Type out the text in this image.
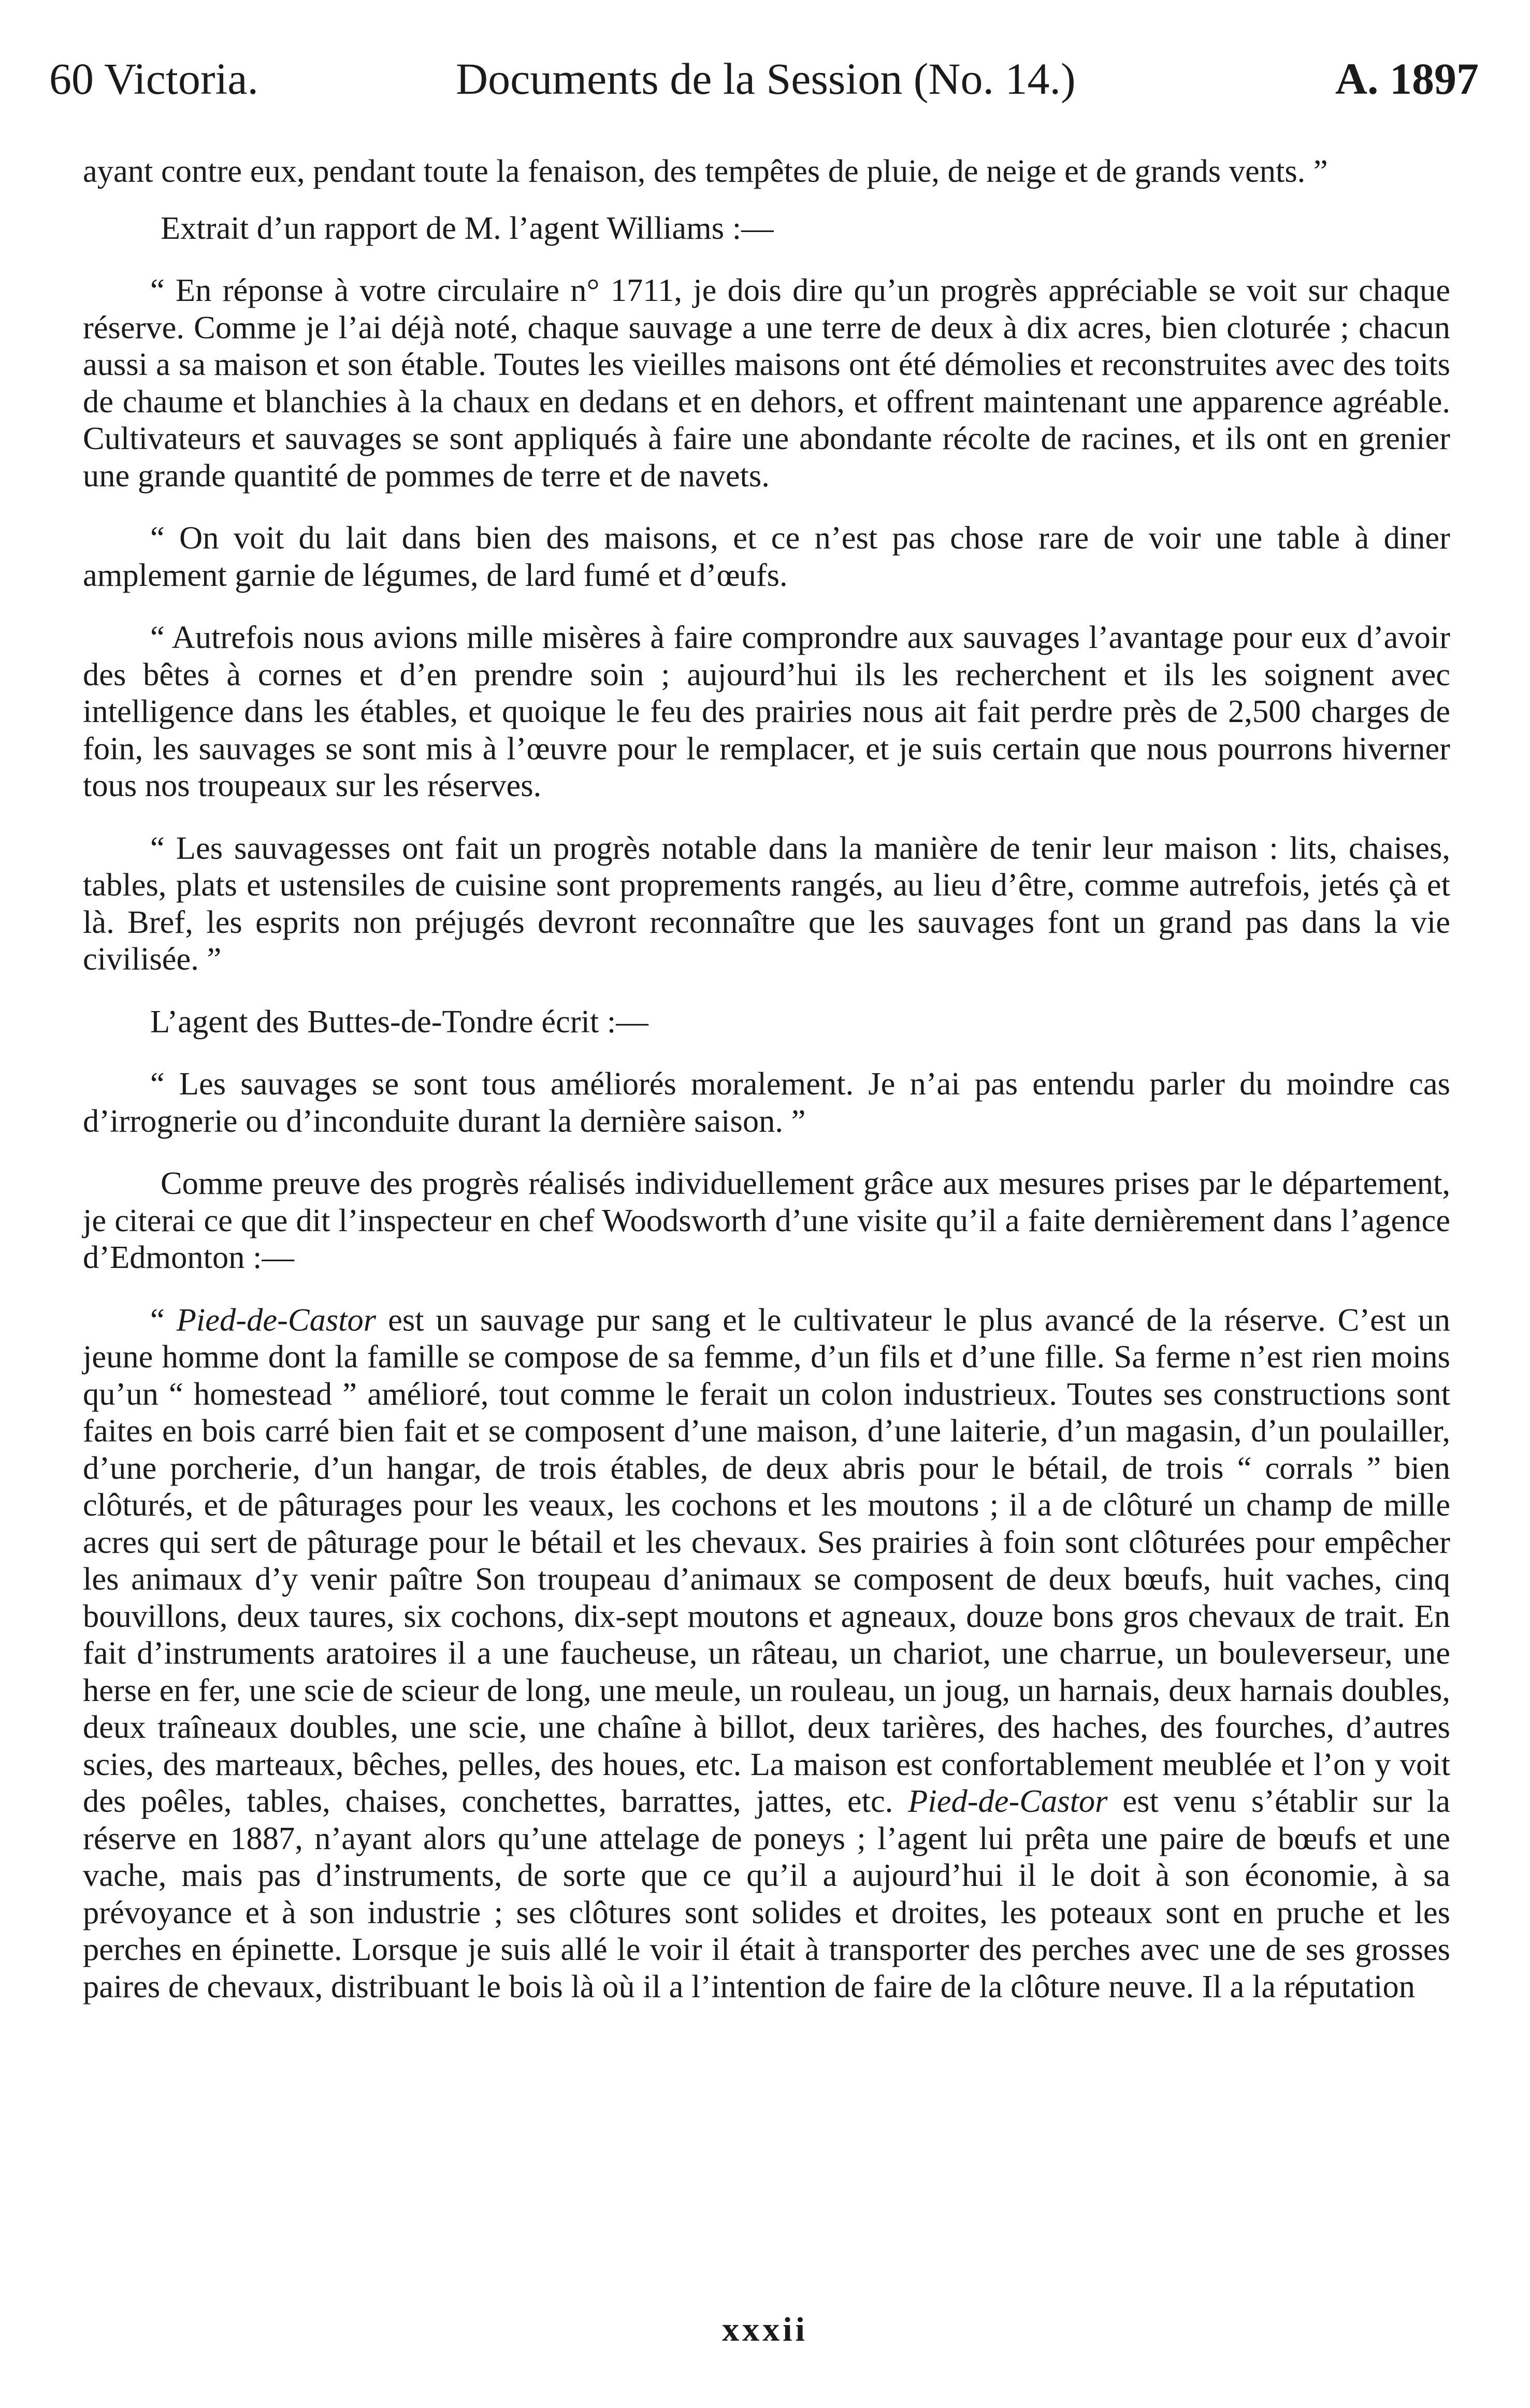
60 Victoria.	Documents de la Session (No. 14.)	A. 1897

ayant contre eux, pendant toute la fenaison, des tempêtes de pluie, de neige et de grands vents. ”

Extrait d’un rapport de M. l’agent Williams :—

“ En réponse à votre circulaire n° 1711, je dois dire qu’un progrès appréciable se voit sur chaque réserve. Comme je l’ai déjà noté, chaque sauvage a une terre de deux à dix acres, bien cloturée ; chacun aussi a sa maison et son étable. Toutes les vieilles maisons ont été démolies et reconstruites avec des toits de chaume et blanchies à la chaux en dedans et en dehors, et offrent maintenant une apparence agréable. Cultivateurs et sauvages se sont appliqués à faire une abondante récolte de racines, et ils ont en grenier une grande quantité de pommes de terre et de navets.

“ On voit du lait dans bien des maisons, et ce n’est pas chose rare de voir une table à diner amplement garnie de légumes, de lard fumé et d’œufs.

“ Autrefois nous avions mille misères à faire comprondre aux sauvages l’avantage pour eux d’avoir des bêtes à cornes et d’en prendre soin ; aujourd’hui ils les recherchent et ils les soignent avec intelligence dans les étables, et quoique le feu des prairies nous ait fait perdre près de 2,500 charges de foin, les sauvages se sont mis à l’œuvre pour le remplacer, et je suis certain que nous pourrons hiverner tous nos troupeaux sur les réserves.

“ Les sauvagesses ont fait un progrès notable dans la manière de tenir leur maison : lits, chaises, tables, plats et ustensiles de cuisine sont proprements rangés, au lieu d’être, comme autrefois, jetés çà et là. Bref, les esprits non préjugés devront reconnaître que les sauvages font un grand pas dans la vie civilisée. ”

L’agent des Buttes-de-Tondre écrit :—

“ Les sauvages se sont tous améliorés moralement. Je n’ai pas entendu parler du moindre cas d’irrognerie ou d’inconduite durant la dernière saison. ”

Comme preuve des progrès réalisés individuellement grâce aux mesures prises par le département, je citerai ce que dit l’inspecteur en chef Woodsworth d’une visite qu’il a faite dernièrement dans l’agence d’Edmonton :—

“ Pied-de-Castor est un sauvage pur sang et le cultivateur le plus avancé de la réserve. C’est un jeune homme dont la famille se compose de sa femme, d’un fils et d’une fille. Sa ferme n’est rien moins qu’un “ homestead ” amélioré, tout comme le ferait un colon industrieux. Toutes ses constructions sont faites en bois carré bien fait et se composent d’une maison, d’une laiterie, d’un magasin, d’un poulailler, d’une porcherie, d’un hangar, de trois étables, de deux abris pour le bétail, de trois “ corrals ” bien clôturés, et de pâturages pour les veaux, les cochons et les moutons ; il a de clôturé un champ de mille acres qui sert de pâturage pour le bétail et les chevaux. Ses prairies à foin sont clôturées pour empêcher les animaux d’y venir paître Son troupeau d’animaux se composent de deux bœufs, huit vaches, cinq bouvillons, deux taures, six cochons, dix-sept moutons et agneaux, douze bons gros chevaux de trait. En fait d’instruments aratoires il a une faucheuse, un râteau, un chariot, une charrue, un bouleverseur, une herse en fer, une scie de scieur de long, une meule, un rouleau, un joug, un harnais, deux harnais doubles, deux traîneaux doubles, une scie, une chaîne à billot, deux tarières, des haches, des fourches, d’autres scies, des marteaux, bêches, pelles, des houes, etc. La maison est confortablement meublée et l’on y voit des poêles, tables, chaises, conchettes, barrattes, jattes, etc. Pied-de-Castor est venu s’établir sur la réserve en 1887, n’ayant alors qu’une attelage de poneys ; l’agent lui prêta une paire de bœufs et une vache, mais pas d’instruments, de sorte que ce qu’il a aujourd’hui il le doit à son économie, à sa prévoyance et à son industrie ; ses clôtures sont solides et droites, les poteaux sont en pruche et les perches en épinette. Lorsque je suis allé le voir il était à transporter des perches avec une de ses grosses paires de chevaux, distribuant le bois là où il a l’intention de faire de la clôture neuve. Il a la réputation

xxxii
